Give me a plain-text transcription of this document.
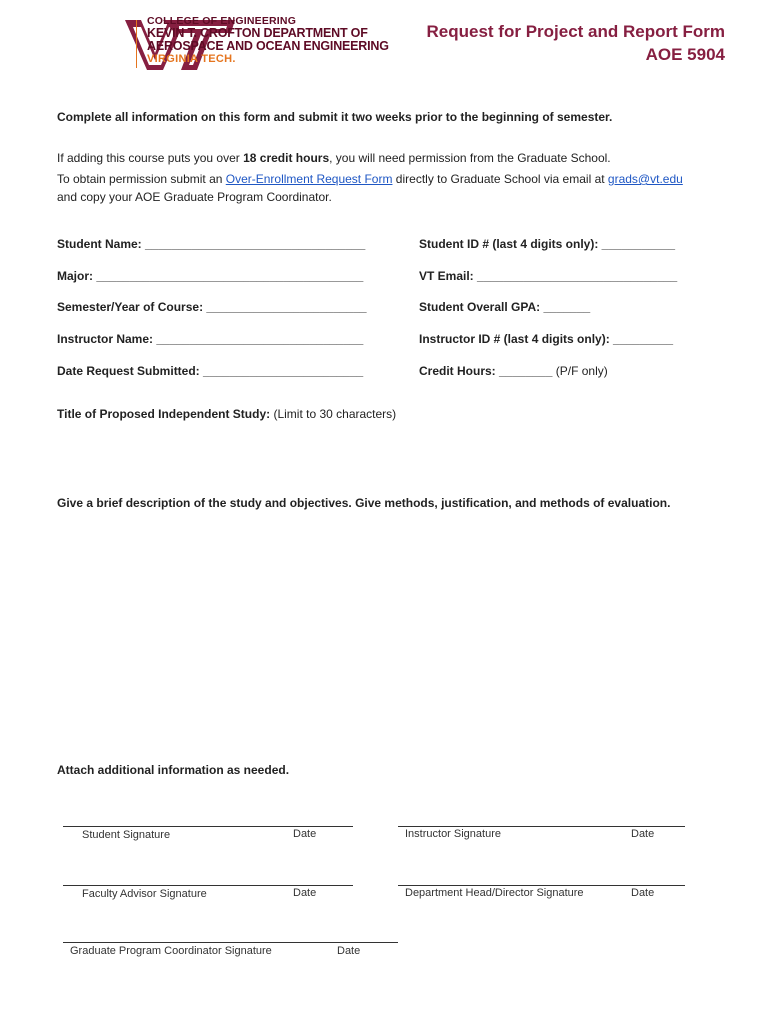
COLLEGE OF ENGINEERING
KEVIN T. CROFTON DEPARTMENT OF
AEROSPACE AND OCEAN ENGINEERING
VIRGINIA TECH.
Request for Project and Report Form
AOE 5904
Complete all information on this form and submit it two weeks prior to the beginning of semester.
If adding this course puts you over 18 credit hours, you will need permission from the Graduate School.
To obtain permission submit an Over-Enrollment Request Form directly to Graduate School via email at grads@vt.edu
and copy your AOE Graduate Program Coordinator.
Student Name: _________________________________	Student ID # (last 4 digits only): ___________
Major: ________________________________________	VT Email: ______________________________
Semester/Year of Course: ________________________	Student Overall GPA: _______
Instructor Name: _______________________________	Instructor ID # (last 4 digits only): _________
Date Request Submitted: ________________________	Credit Hours: ________ (P/F only)
Title of Proposed Independent Study: (Limit to 30 characters)
Give a brief description of the study and objectives. Give methods, justification, and methods of evaluation.
Attach additional information as needed.
Student Signature	Date	Instructor Signature	Date
Faculty Advisor Signature	Date	Department Head/Director Signature	Date
Graduate Program Coordinator Signature	Date
